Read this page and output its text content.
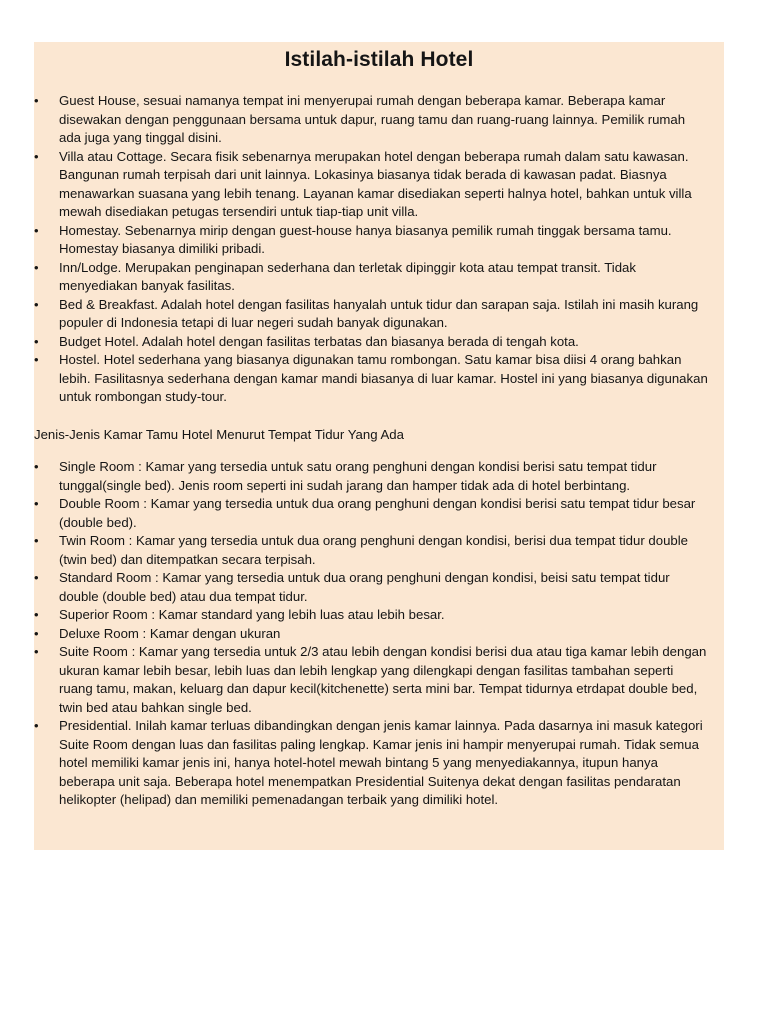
Istilah-istilah Hotel
• Guest House, sesuai namanya tempat ini menyerupai rumah dengan beberapa kamar. Beberapa kamar disewakan dengan penggunaan bersama untuk dapur, ruang tamu dan ruang-ruang lainnya. Pemilik rumah ada juga yang tinggal disini.
• Villa atau Cottage. Secara fisik sebenarnya merupakan hotel dengan beberapa rumah dalam satu kawasan. Bangunan rumah terpisah dari unit lainnya. Lokasinya biasanya tidak berada di kawasan padat. Biasnya menawarkan suasana yang lebih tenang. Layanan kamar disediakan seperti halnya hotel, bahkan untuk villa mewah disediakan petugas tersendiri untuk tiap-tiap unit villa.
• Homestay. Sebenarnya mirip dengan guest-house hanya biasanya pemilik rumah tinggak bersama tamu. Homestay biasanya dimiliki pribadi.
• Inn/Lodge. Merupakan penginapan sederhana dan terletak dipinggir kota atau tempat transit. Tidak menyediakan banyak fasilitas.
• Bed & Breakfast. Adalah hotel dengan fasilitas hanyalah untuk tidur dan sarapan saja. Istilah ini masih kurang populer di Indonesia tetapi di luar negeri sudah banyak digunakan.
• Budget Hotel. Adalah hotel dengan fasilitas terbatas dan biasanya berada di tengah kota.
• Hostel. Hotel sederhana yang biasanya digunakan tamu rombongan. Satu kamar bisa diisi 4 orang bahkan lebih. Fasilitasnya sederhana dengan kamar mandi biasanya di luar kamar. Hostel ini yang biasanya digunakan untuk rombongan study-tour.
Jenis-Jenis Kamar Tamu Hotel Menurut Tempat Tidur Yang Ada
• Single Room : Kamar yang tersedia untuk satu orang penghuni dengan kondisi berisi satu tempat tidur tunggal(single bed). Jenis room seperti ini sudah jarang dan hamper tidak ada di hotel berbintang.
• Double Room : Kamar yang tersedia untuk dua orang penghuni dengan kondisi berisi satu tempat tidur besar (double bed).
• Twin Room : Kamar yang tersedia untuk dua orang penghuni dengan kondisi, berisi dua tempat tidur double (twin bed) dan ditempatkan secara terpisah.
• Standard Room : Kamar yang tersedia untuk dua orang penghuni dengan kondisi, beisi satu tempat tidur double (double bed) atau dua tempat tidur.
• Superior Room : Kamar standard yang lebih luas atau lebih besar.
• Deluxe Room : Kamar dengan ukuran
• Suite Room : Kamar yang tersedia untuk 2/3 atau lebih dengan kondisi berisi dua atau tiga kamar lebih dengan ukuran kamar lebih besar, lebih luas dan lebih lengkap yang dilengkapi dengan fasilitas tambahan seperti ruang tamu, makan, keluarg dan dapur kecil(kitchenette) serta mini bar. Tempat tidurnya etrdapat double bed, twin bed atau bahkan single bed.
• Presidential. Inilah kamar terluas dibandingkan dengan jenis kamar lainnya. Pada dasarnya ini masuk kategori Suite Room dengan luas dan fasilitas paling lengkap. Kamar jenis ini hampir menyerupai rumah. Tidak semua hotel memiliki kamar jenis ini, hanya hotel-hotel mewah bintang 5 yang menyediakannya, itupun hanya beberapa unit saja. Beberapa hotel menempatkan Presidential Suitenya dekat dengan fasilitas pendaratan helikopter (helipad) dan memiliki pemenadangan terbaik yang dimiliki hotel.
